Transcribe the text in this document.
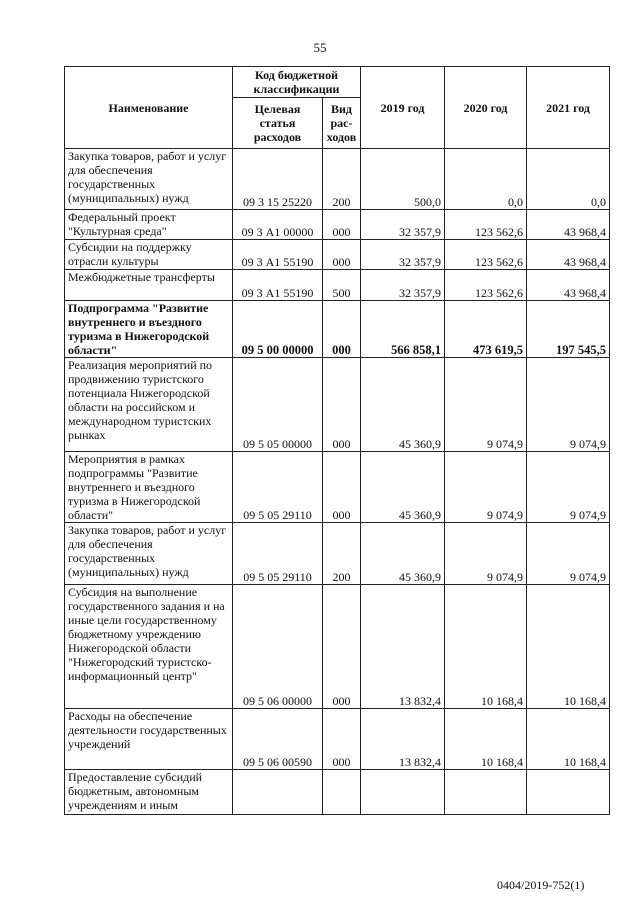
55
Наименование	Код бюджетной классификации		2019 год	2020 год	2021 год
	Целевая статья расходов	Вид рас-ходов			
Закупка товаров, работ и услуг для обеспечения государственных (муниципальных) нужд	09 3 15 25220	200	500,0	0,0	0,0
Федеральный проект "Культурная среда"	09 3 А1 00000	000	32 357,9	123 562,6	43 968,4
Субсидии на поддержку отрасли культуры	09 3 А1 55190	000	32 357,9	123 562,6	43 968,4
Межбюджетные трансферты	09 3 А1 55190	500	32 357,9	123 562,6	43 968,4
Подпрограмма "Развитие внутреннего и въездного туризма в Нижегородской области"	09 5 00 00000	000	566 858,1	473 619,5	197 545,5
Реализация мероприятий по продвижению туристского потенциала Нижегородской области на российском и международном туристских рынках	09 5 05 00000	000	45 360,9	9 074,9	9 074,9
Мероприятия в рамках подпрограммы "Развитие внутреннего и въездного туризма в Нижегородской области"	09 5 05 29110	000	45 360,9	9 074,9	9 074,9
Закупка товаров, работ и услуг для обеспечения государственных (муниципальных) нужд	09 5 05 29110	200	45 360,9	9 074,9	9 074,9
Субсидия на выполнение государственного задания и на иные цели государственному бюджетному учреждению Нижегородской области "Нижегородский туристско-информационный центр"	09 5 06 00000	000	13 832,4	10 168,4	10 168,4
Расходы на обеспечение деятельности государственных учреждений	09 5 06 00590	000	13 832,4	10 168,4	10 168,4
Предоставление субсидий бюджетным, автономным учреждениям и иным					
0404/2019-752(1)
